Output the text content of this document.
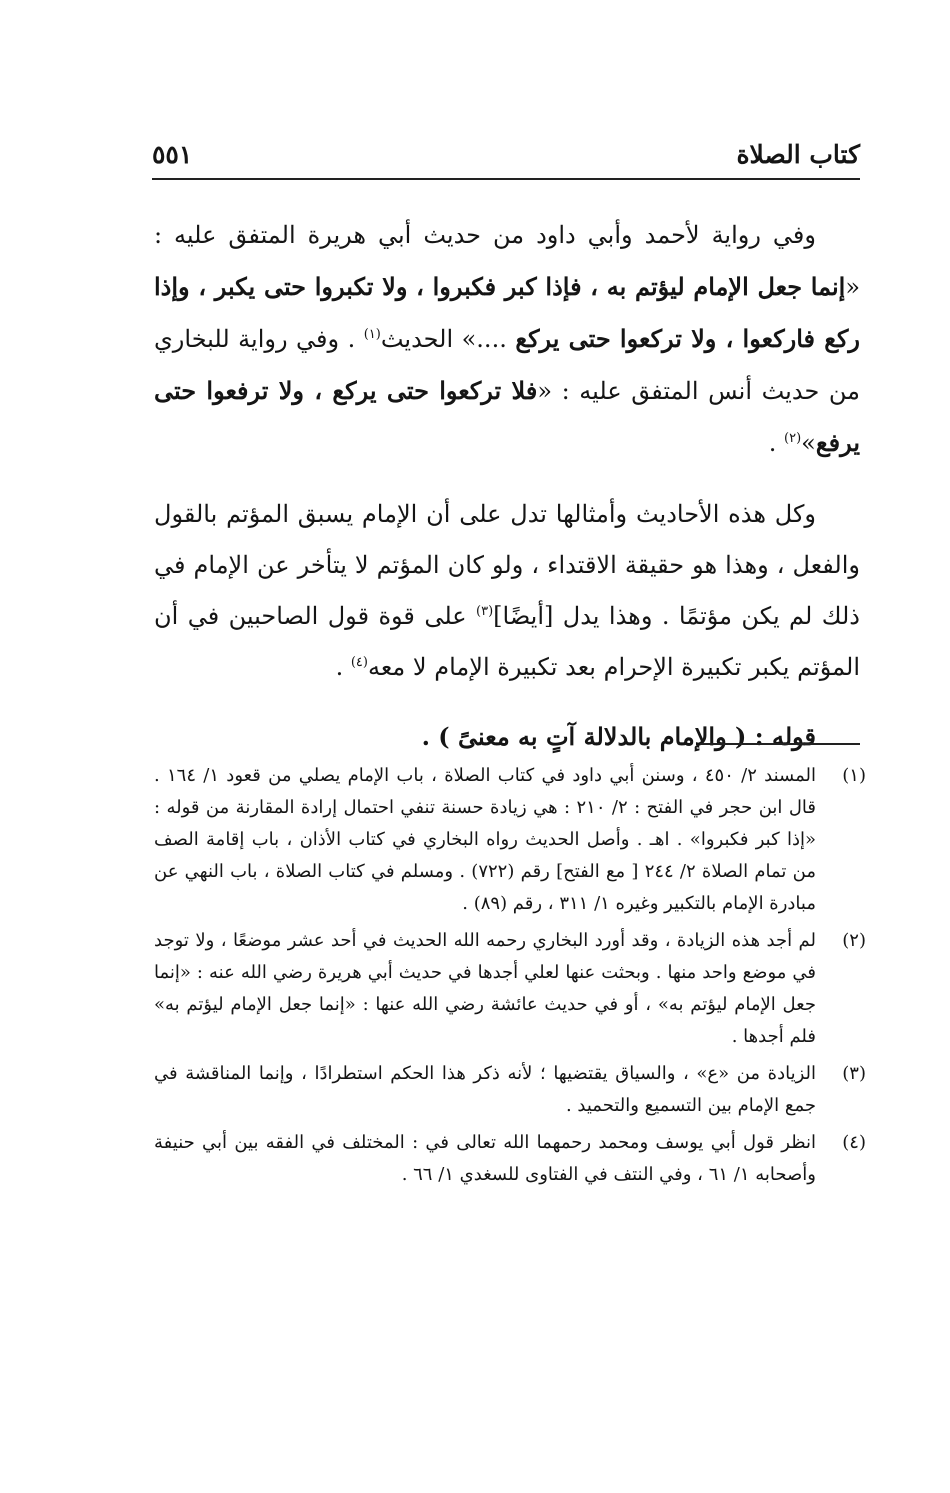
كتاب الصلاة
٥٥١

وفي رواية لأحمد وأبي داود من حديث أبي هريرة المتفق عليه : «إنما جعل الإمام ليؤتم به ، فإذا كبر فكبروا ، ولا تكبروا حتى يكبر ، وإذا ركع فاركعوا ، ولا تركعوا حتى يركع ....» الحديث$^{(١)}$ . وفي رواية للبخاري من حديث أنس المتفق عليه : «فلا تركعوا حتى يركع ، ولا ترفعوا حتى يرفع»$^{(٢)}$ .

وكل هذه الأحاديث وأمثالها تدل على أن الإمام يسبق المؤتم بالقول والفعل ، وهذا هو حقيقة الاقتداء ، ولو كان المؤتم لا يتأخر عن الإمام في ذلك لم يكن مؤتمًا . وهذا يدل [أيضًا]$^{(٣)}$ على قوة قول الصاحبين في أن المؤتم يكبر تكبيرة الإحرام بعد تكبيرة الإمام لا معه$^{(٤)}$ .

قوله : ( والإمام بالدلالة آتٍ به معنىً ) .

(١)
المسند ٢/ ٤٥٠ ، وسنن أبي داود في كتاب الصلاة ، باب الإمام يصلي من قعود ١/ ١٦٤ . قال ابن حجر في الفتح : ٢/ ٢١٠ : هي زيادة حسنة تنفي احتمال إرادة المقارنة من قوله : «إذا كبر فكبروا» . اهـ . وأصل الحديث رواه البخاري في كتاب الأذان ، باب إقامة الصف من تمام الصلاة ٢/ ٢٤٤ [ مع الفتح] رقم (٧٢٢) . ومسلم في كتاب الصلاة ، باب النهي عن مبادرة الإمام بالتكبير وغيره ١/ ٣١١ ، رقم (٨٩) .
(٢)
لم أجد هذه الزيادة ، وقد أورد البخاري رحمه الله الحديث في أحد عشر موضعًا ، ولا توجد في موضع واحد منها . وبحثت عنها لعلي أجدها في حديث أبي هريرة رضي الله عنه : «إنما جعل الإمام ليؤتم به» ، أو في حديث عائشة رضي الله عنها : «إنما جعل الإمام ليؤتم به» فلم أجدها .
(٣)
الزيادة من «ع» ، والسياق يقتضيها ؛ لأنه ذكر هذا الحكم استطرادًا ، وإنما المناقشة في جمع الإمام بين التسميع والتحميد .
(٤)
انظر قول أبي يوسف ومحمد رحمهما الله تعالى في : المختلف في الفقه بين أبي حنيفة وأصحابه ١/ ٦١ ، وفي النتف في الفتاوى للسغدي ١/ ٦٦ .
